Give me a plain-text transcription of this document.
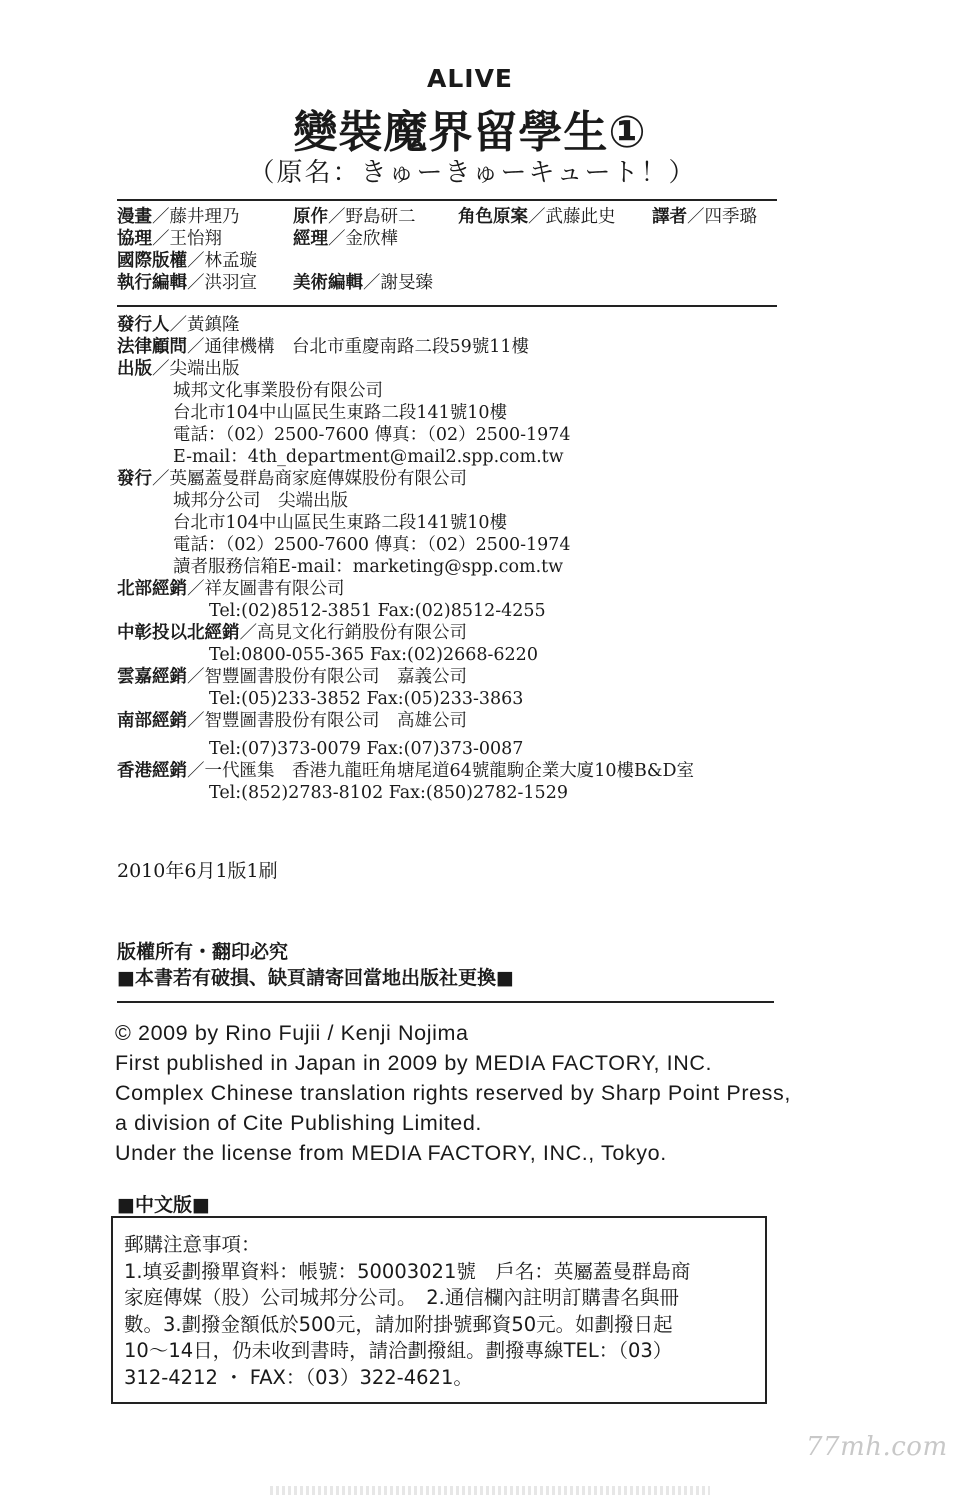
ALIVE
變裝魔界留學生①
（原名：きゅーきゅーキュート！）
漫畫／藤井理乃	原作／野島研二 角色原案／武藤此史 譯者／四季璐
協理／王怡翔	經理／金欣樺
國際版權／林孟璇
執行編輯／洪羽宣 美術編輯／謝旻臻
發行人／黃鎮隆
法律顧問／通律機構　台北市重慶南路二段59號11樓
出版／尖端出版
城邦文化事業股份有限公司
台北市104中山區民生東路二段141號10樓
電話：（02）2500-7600 傳真：（02）2500-1974
E-mail：4th_department@mail2.spp.com.tw
發行／英屬蓋曼群島商家庭傳媒股份有限公司
城邦分公司　尖端出版
台北市104中山區民生東路二段141號10樓
電話：（02）2500-7600 傳真：（02）2500-1974
讀者服務信箱E-mail：marketing@spp.com.tw
北部經銷／祥友圖書有限公司
Tel:(02)8512-3851 Fax:(02)8512-4255
中彰投以北經銷／高見文化行銷股份有限公司
Tel:0800-055-365 Fax:(02)2668-6220
雲嘉經銷／智豐圖書股份有限公司　嘉義公司
Tel:(05)233-3852 Fax:(05)233-3863
南部經銷／智豐圖書股份有限公司　高雄公司
Tel:(07)373-0079 Fax:(07)373-0087
香港經銷／一代匯集　香港九龍旺角塘尾道64號龍駒企業大廈10樓B&D室
Tel:(852)2783-8102 Fax:(850)2782-1529
2010年6月1版1刷
版權所有・翻印必究
■本書若有破損、缺頁請寄回當地出版社更換■
© 2009 by Rino Fujii / Kenji Nojima
First published in Japan in 2009 by MEDIA FACTORY, INC.
Complex Chinese translation rights reserved by Sharp Point Press,
a division of Cite Publishing Limited.
Under the license from MEDIA FACTORY, INC., Tokyo.
■中文版■
郵購注意事項：
1.填妥劃撥單資料：帳號：50003021號　戶名：英屬蓋曼群島商
家庭傳媒（股）公司城邦分公司。　2.通信欄內註明訂購書名與冊
數。3.劃撥金額低於500元，請加附掛號郵資50元。如劃撥日起
10～14日，仍未收到書時，請洽劃撥組。劃撥專線TEL：（03）
312-4212 ・ FAX：（03）322-4621。
77mh.com
